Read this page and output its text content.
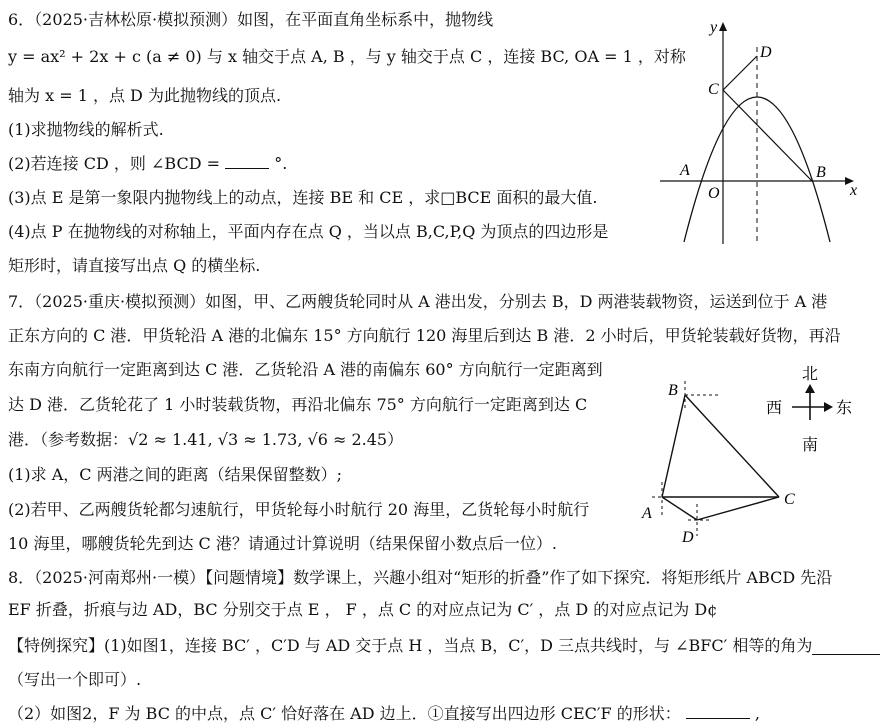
6．（2025·吉林松原·模拟预测）如图，在平面直角坐标系中，抛物线
y = ax² + 2x + c (a ≠ 0) 与 x 轴交于点 A, B ，与 y 轴交于点 C ，连接 BC, OA = 1 ，对称
轴为 x = 1 ，点 D 为此抛物线的顶点.
(1)求抛物线的解析式.
(2)若连接 CD ，则 ∠BCD =	°.
(3)点 E 是第一象限内抛物线上的动点，连接 BE 和 CE ，求□BCE 面积的最大值.
(4)点 P 在抛物线的对称轴上，平面内存在点 Q ，当以点 B,C,P,Q 为顶点的四边形是
矩形时，请直接写出点 Q 的横坐标.
y
x
D
C
A
O
B
7．（2025·重庆·模拟预测）如图，甲、乙两艘货轮同时从 A 港出发，分别去 B，D 两港装载物资，运送到位于 A 港
正东方向的 C 港．甲货轮沿 A 港的北偏东 15° 方向航行 120 海里后到达 B 港．2 小时后，甲货轮装载好货物，再沿
东南方向航行一定距离到达 C 港．乙货轮沿 A 港的南偏东 60° 方向航行一定距离到
达 D 港．乙货轮花了 1 小时装载货物，再沿北偏东 75° 方向航行一定距离到达 C
港．（参考数据：√2 ≈ 1.41, √3 ≈ 1.73, √6 ≈ 2.45）
(1)求 A，C 两港之间的距离（结果保留整数）;
(2)若甲、乙两艘货轮都匀速航行，甲货轮每小时航行 20 海里，乙货轮每小时航行
10 海里，哪艘货轮先到达 C 港？请通过计算说明（结果保留小数点后一位）.
B
A
C
D
北
西	东
南
8．（2025·河南郑州·一模）【问题情境】数学课上，兴趣小组对“矩形的折叠”作了如下探究．将矩形纸片 ABCD 先沿
EF 折叠，折痕与边 AD，BC 分别交于点 E ， F ，点 C 的对应点记为 C′ ，点 D 的对应点记为 D¢
【特例探究】(1)如图1，连接 BC′ ，C′D 与 AD 交于点 H ，当点 B，C′，D 三点共线时，与 ∠BFC′ 相等的角为
（写出一个即可）.
（2）如图2，F 为 BC 的中点，点 C′ 恰好落在 AD 边上．①直接写出四边形 CEC′F 的形状：	,
